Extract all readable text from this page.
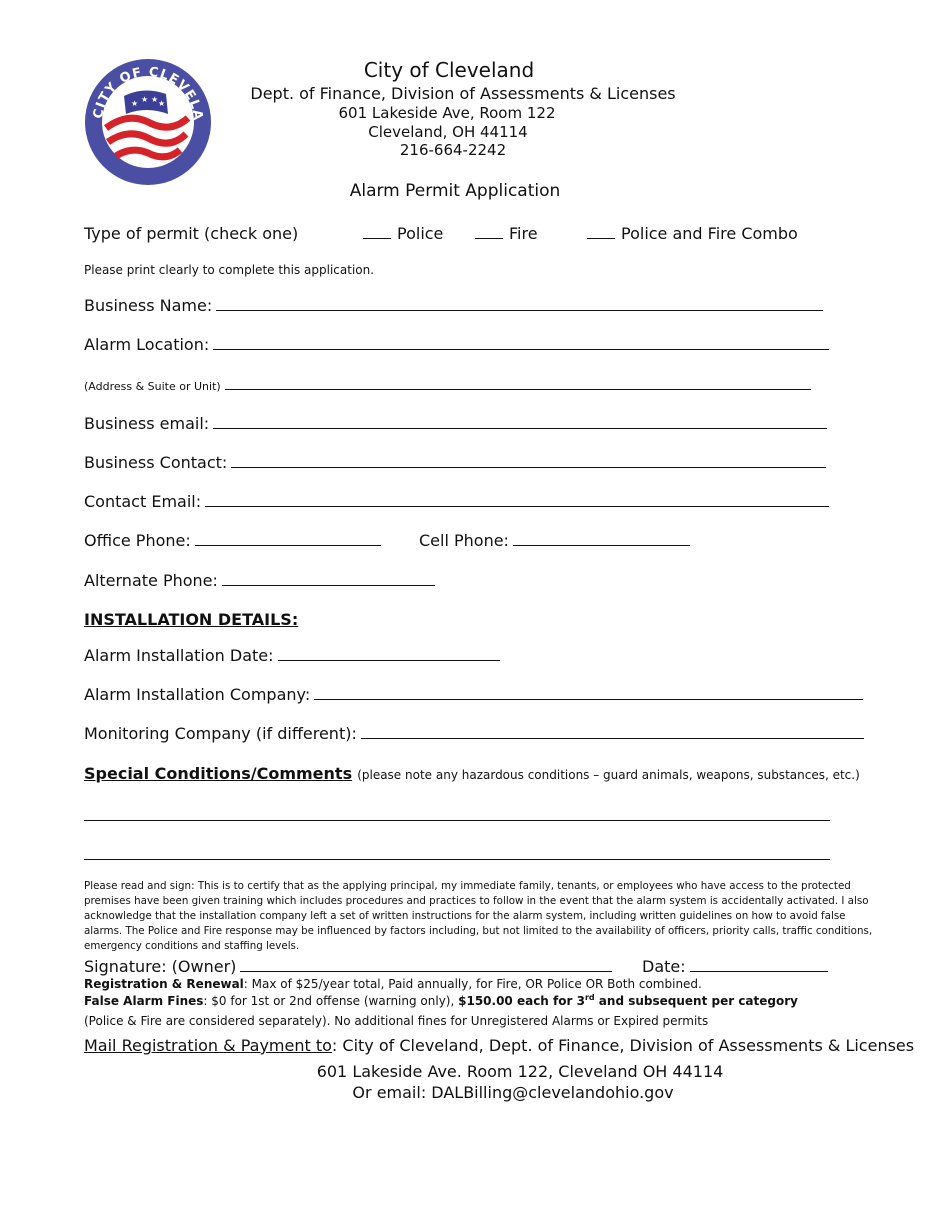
CITY OF CLEVELA
★ ★ ★ ★
City of Cleveland
Dept. of Finance, Division of Assessments & Licenses
601 Lakeside Ave, Room 122
Cleveland, OH 44114
216-664-2242
Alarm Permit Application
Type of permit (check one)	Police	Fire	Police and Fire Combo
Please print clearly to complete this application.
Business Name:
Alarm Location:
(Address & Suite or Unit)
Business email:
Business Contact:
Contact Email:
Office Phone:	Cell Phone:
Alternate Phone:
INSTALLATION DETAILS:
Alarm Installation Date:
Alarm Installation Company:
Monitoring Company (if different):
Special Conditions/Comments (please note any hazardous conditions – guard animals, weapons, substances, etc.)
Please read and sign: This is to certify that as the applying principal, my immediate family, tenants, or employees who have access to the protected premises have been given training which includes procedures and practices to follow in the event that the alarm system is accidentally activated. I also acknowledge that the installation company left a set of written instructions for the alarm system, including written guidelines on how to avoid false alarms. The Police and Fire response may be influenced by factors including, but not limited to the availability of officers, priority calls, traffic conditions, emergency conditions and staffing levels.
Signature: (Owner)	Date:
Registration & Renewal: Max of $25/year total, Paid annually, for Fire, OR Police OR Both combined.
False Alarm Fines: $0 for 1st or 2nd offense (warning only), $150.00 each for 3rd and subsequent per category
(Police & Fire are considered separately). No additional fines for Unregistered Alarms or Expired permits
Mail Registration & Payment to: City of Cleveland, Dept. of Finance, Division of Assessments & Licenses
601 Lakeside Ave. Room 122, Cleveland OH 44114
Or email: DALBilling@clevelandohio.gov
